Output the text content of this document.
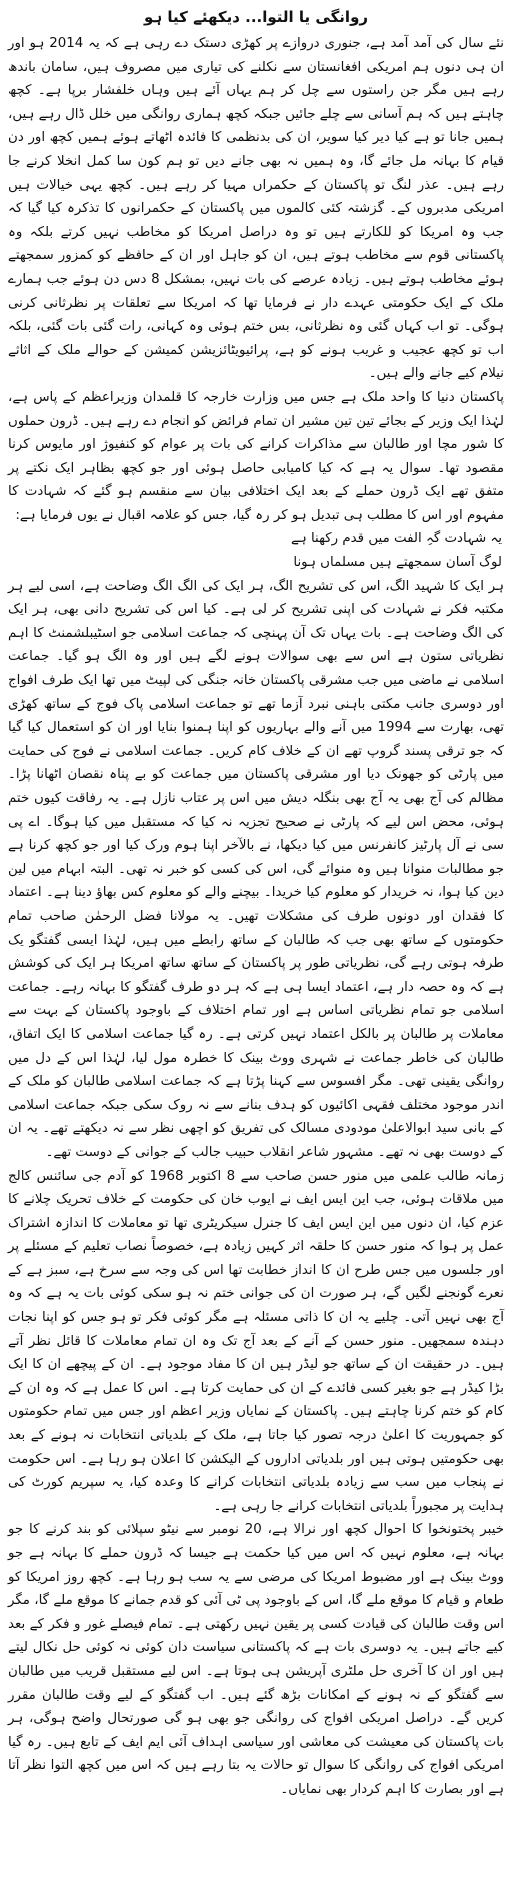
روانگی یا التوا... دیکھئے کیا ہو

نئے سال کی آمد آمد ہے، جنوری دروازے پر کھڑی دستک دے رہی ہے کہ یہ 2014 ہو اور ان ہی دنوں ہم امریکی افغانستان سے نکلنے کی تیاری میں مصروف ہیں، سامان باندھ رہے ہیں مگر جن راستوں سے چل کر ہم یہاں آئے ہیں وہاں خلفشار برپا ہے۔ کچھ چاہتے ہیں کہ ہم آسانی سے چلے جائیں جبکہ کچھ ہماری روانگی میں خلل ڈال رہے ہیں، ہمیں جانا تو ہے کیا دیر کیا سویر، ان کی بدنظمی کا فائدہ اٹھاتے ہوئے ہمیں کچھ اور دن قیام کا بہانہ مل جائے گا، وہ ہمیں نہ بھی جانے دیں تو ہم کون سا کمل انخلا کرنے جا رہے ہیں۔ عذر لنگ تو پاکستان کے حکمراں مہیا کر رہے ہیں۔ کچھ یہی خیالات ہیں امریکی مدبروں کے۔ گزشتہ کئی کالموں میں پاکستان کے حکمرانوں کا تذکرہ کیا گیا کہ جب وہ امریکا کو للکارتے ہیں تو وہ دراصل امریکا کو مخاطب نہیں کرتے بلکہ وہ پاکستانی قوم سے مخاطب ہوتے ہیں، ان کو جاہل اور ان کے حافظے کو کمزور سمجھتے ہوئے مخاطب ہوتے ہیں۔ زیادہ عرصے کی بات نہیں، بمشکل 8 دس دن ہوئے جب ہمارے ملک کے ایک حکومتی عہدے دار نے فرمایا تھا کہ امریکا سے تعلقات پر نظرثانی کرنی ہوگی۔ تو اب کہاں گئی وہ نظرثانی، بس ختم ہوئی وہ کہانی، رات گئی بات گئی، بلکہ اب تو کچھ عجیب و غریب ہونے کو ہے، پرائیویٹائزیشن کمیشن کے حوالے ملک کے اثاثے نیلام کیے جانے والے ہیں۔

پاکستان دنیا کا واحد ملک ہے جس میں وزارت خارجہ کا قلمدان وزیراعظم کے پاس ہے، لہٰذا ایک وزیر کے بجائے تین تین مشیر ان تمام فرائض کو انجام دے رہے ہیں۔ ڈرون حملوں کا شور مچا اور طالبان سے مذاکرات کرانے کی بات پر عوام کو کنفیوژ اور مایوس کرنا مقصود تھا۔ سوال یہ ہے کہ کیا کامیابی حاصل ہوئی اور جو کچھ بظاہر ایک نکتے پر متفق تھے ایک ڈرون حملے کے بعد ایک اختلافی بیان سے منقسم ہو گئے کہ شہادت کا مفہوم اور اس کا مطلب ہی تبدیل ہو کر رہ گیا، جس کو علامہ اقبال نے یوں فرمایا ہے:

یہ شہادت گہِ الفت میں قدم رکھنا ہے

لوگ آسان سمجھتے ہیں مسلماں ہونا

ہر ایک کا شہید الگ، اس کی تشریح الگ، ہر ایک کی الگ الگ وضاحت ہے، اسی لیے ہر مکتبہ فکر نے شہادت کی اپنی تشریح کر لی ہے۔ کیا اس کی تشریح دانی بھی، ہر ایک کی الگ وضاحت ہے۔ بات یہاں تک آن پہنچی کہ جماعت اسلامی جو اسٹیبلشمنٹ کا اہم نظریاتی ستون ہے اس سے بھی سوالات ہونے لگے ہیں اور وہ الگ ہو گیا۔ جماعت اسلامی نے ماضی میں جب مشرقی پاکستان خانہ جنگی کی لپیٹ میں تھا ایک طرف افواج اور دوسری جانب مکتی باہنی نبرد آزما تھے تو جماعت اسلامی پاک فوج کے ساتھ کھڑی تھی، بھارت سے 1994 میں آنے والے بہاریوں کو اپنا ہمنوا بنایا اور ان کو استعمال کیا گیا کہ جو ترقی پسند گروپ تھے ان کے خلاف کام کریں۔ جماعت اسلامی نے فوج کی حمایت میں پارٹی کو جھونک دیا اور مشرقی پاکستان میں جماعت کو بے پناہ نقصان اٹھانا پڑا۔ مظالم کی آج بھی یہ آج بھی بنگلہ دیش میں اس پر عتاب نازل ہے۔ یہ رفاقت کیوں ختم ہوئی، محض اس لیے کہ پارٹی نے صحیح تجزیہ نہ کیا کہ مستقبل میں کیا ہوگا۔ اے پی سی نے آل پارٹیز کانفرنس میں کیا دیکھا، نے بالآخر اپنا ہوم ورک کیا اور جو کچھ کرنا ہے جو مطالبات منوانا ہیں وہ منوائے گی، اس کی کسی کو خبر نہ تھی۔ البتہ ابہام میں لین دین کیا ہوا، نہ خریدار کو معلوم کیا خریدا۔ بیچنے والے کو معلوم کس بھاؤ دینا ہے۔ اعتماد کا فقدان اور دونوں طرف کی مشکلات تھیں۔ یہ مولانا فضل الرحمٰن صاحب تمام حکومتوں کے ساتھ بھی جب کہ طالبان کے ساتھ رابطے میں ہیں، لہٰذا ایسی گفتگو یک طرفہ ہوتی رہے گی، نظریاتی طور پر پاکستان کے ساتھ ساتھ امریکا ہر ایک کی کوشش ہے کہ وہ حصہ دار ہے، اعتماد ایسا ہی ہے کہ ہر دو طرف گفتگو کا بہانہ رہے۔ جماعت اسلامی جو تمام نظریاتی اساس ہے اور تمام اختلاف کے باوجود پاکستان کے بہت سے معاملات پر طالبان پر بالکل اعتماد نہیں کرتی ہے۔ رہ گیا جماعت اسلامی کا ایک اتفاق، طالبان کی خاطر جماعت نے شہری ووٹ بینک کا خطرہ مول لیا، لہٰذا اس کے دل میں روانگی یقینی تھی۔ مگر افسوس سے کہنا پڑتا ہے کہ جماعت اسلامی طالبان کو ملک کے اندر موجود مختلف فقہی اکائیوں کو ہدف بنانے سے نہ روک سکی جبکہ جماعت اسلامی کے بانی سید ابوالاعلیٰ مودودی مسالک کی تفریق کو اچھی نظر سے نہ دیکھتے تھے۔ یہ ان کے دوست بھی نہ تھے۔ مشہور شاعر انقلاب حبیب جالب کے جوانی کے دوست تھے۔

زمانہ طالب علمی میں منور حسن صاحب سے 8 اکتوبر 1968 کو آدم جی سائنس کالج میں ملاقات ہوئی، جب این ایس ایف نے ایوب خان کی حکومت کے خلاف تحریک چلانے کا عزم کیا، ان دنوں میں این ایس ایف کا جنرل سیکریٹری تھا تو معاملات کا اندازہ اشتراک عمل پر ہوا کہ منور حسن کا حلقہ اثر کہیں زیادہ ہے، خصوصاً نصاب تعلیم کے مسئلے پر اور جلسوں میں جس طرح ان کا انداز خطابت تھا اس کی وجہ سے سرخ ہے، سبز ہے کے نعرے گونجنے لگیں گے، ہر صورت ان کی جوانی ختم نہ ہو سکی کوئی بات یہ ہے کہ وہ آج بھی نہیں آتی۔ چلیے یہ ان کا ذاتی مسئلہ ہے مگر کوئی فکر تو ہو جس کو اپنا نجات دہندہ سمجھیں۔ منور حسن کے آنے کے بعد آج تک وہ ان تمام معاملات کا قائل نظر آتے ہیں۔ در حقیقت ان کے ساتھ جو لیڈر ہیں ان کا مفاد موجود ہے۔ ان کے پیچھے ان کا ایک بڑا کیڈر ہے جو بغیر کسی فائدے کے ان کی حمایت کرتا ہے۔ اس کا عمل ہے کہ وہ ان کے کام کو ختم کرنا چاہتے ہیں۔ پاکستان کے نمایاں وزیر اعظم اور جس میں تمام حکومتوں کو جمہوریت کا اعلیٰ درجہ تصور کیا جاتا ہے، ملک کے بلدیاتی انتخابات نہ ہونے کے بعد بھی حکومتیں ہوتی ہیں اور بلدیاتی اداروں کے الیکشن کا اعلان ہو رہا ہے۔ اس حکومت نے پنجاب میں سب سے زیادہ بلدیاتی انتخابات کرانے کا وعدہ کیا، یہ سپریم کورٹ کی ہدایت پر مجبوراً بلدیاتی انتخابات کرانے جا رہی ہے۔

خیبر پختونخوا کا احوال کچھ اور نرالا ہے، 20 نومبر سے نیٹو سپلائی کو بند کرنے کا جو بہانہ ہے، معلوم نہیں کہ اس میں کیا حکمت ہے جیسا کہ ڈرون حملے کا بہانہ ہے جو ووٹ بینک ہے اور مضبوط امریکا کی مرضی سے یہ سب ہو رہا ہے۔ کچھ روز امریکا کو طعام و قیام کا موقع ملے گا، اس کے باوجود پی ٹی آئی کو قدم جمانے کا موقع ملے گا، مگر اس وقت طالبان کی قیادت کسی پر یقین نہیں رکھتی ہے۔ تمام فیصلے غور و فکر کے بعد کیے جاتے ہیں۔ یہ دوسری بات ہے کہ پاکستانی سیاست دان کوئی نہ کوئی حل نکال لیتے ہیں اور ان کا آخری حل ملٹری آپریشن ہی ہوتا ہے۔ اس لیے مستقبل قریب میں طالبان سے گفتگو کے نہ ہونے کے امکانات بڑھ گئے ہیں۔ اب گفتگو کے لیے وقت طالبان مقرر کریں گے۔ دراصل امریکی افواج کی روانگی جو بھی ہو گی صورتحال واضح ہوگی، ہر بات پاکستان کی معیشت کی معاشی اور سیاسی اہداف آئی ایم ایف کے تابع ہیں۔ رہ گیا امریکی افواج کی روانگی کا سوال تو حالات یہ بتا رہے ہیں کہ اس میں کچھ التوا نظر آتا ہے اور بصارت کا اہم کردار بھی نمایاں۔
